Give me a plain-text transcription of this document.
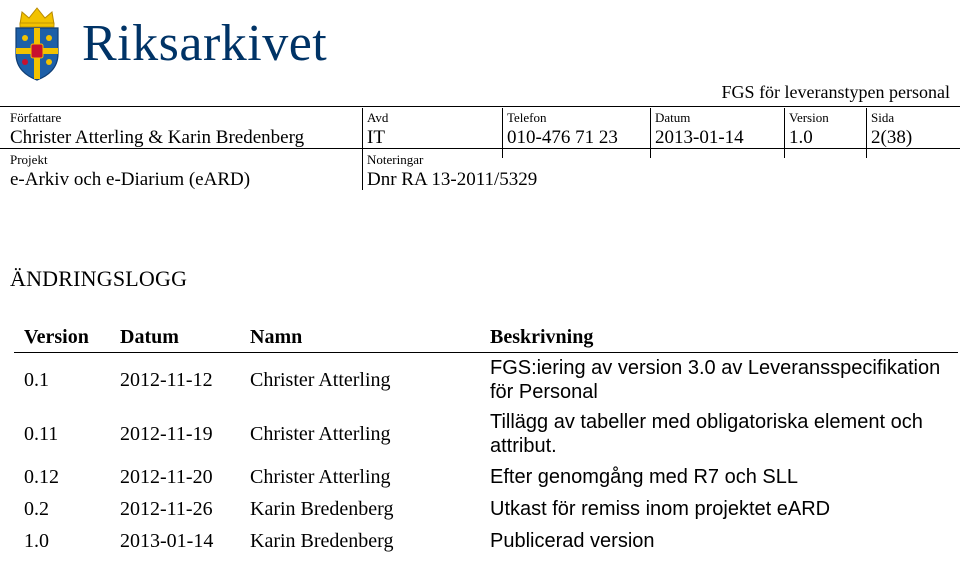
Riksarkivet
FGS för leveranstypen personal
Författare
Christer Atterling & Karin Bredenberg
Avd
IT
Telefon
010-476 71 23
Datum
2013-01-14
Version
1.0
Sida
2(38)
Projekt
e-Arkiv och e-Diarium (eARD)
Noteringar
Dnr RA 13-2011/5329
ÄNDRINGSLOGG
Version	Datum	Namn	Beskrivning
0.1	2012-11-12	Christer Atterling	FGS:iering av version 3.0 av Leveransspecifikation för Personal
0.11	2012-11-19	Christer Atterling	Tillägg av tabeller med obligatoriska element och attribut.
0.12	2012-11-20	Christer Atterling	Efter genomgång med R7 och SLL
0.2	2012-11-26	Karin Bredenberg	Utkast för remiss inom projektet eARD
1.0	2013-01-14	Karin Bredenberg	Publicerad version
